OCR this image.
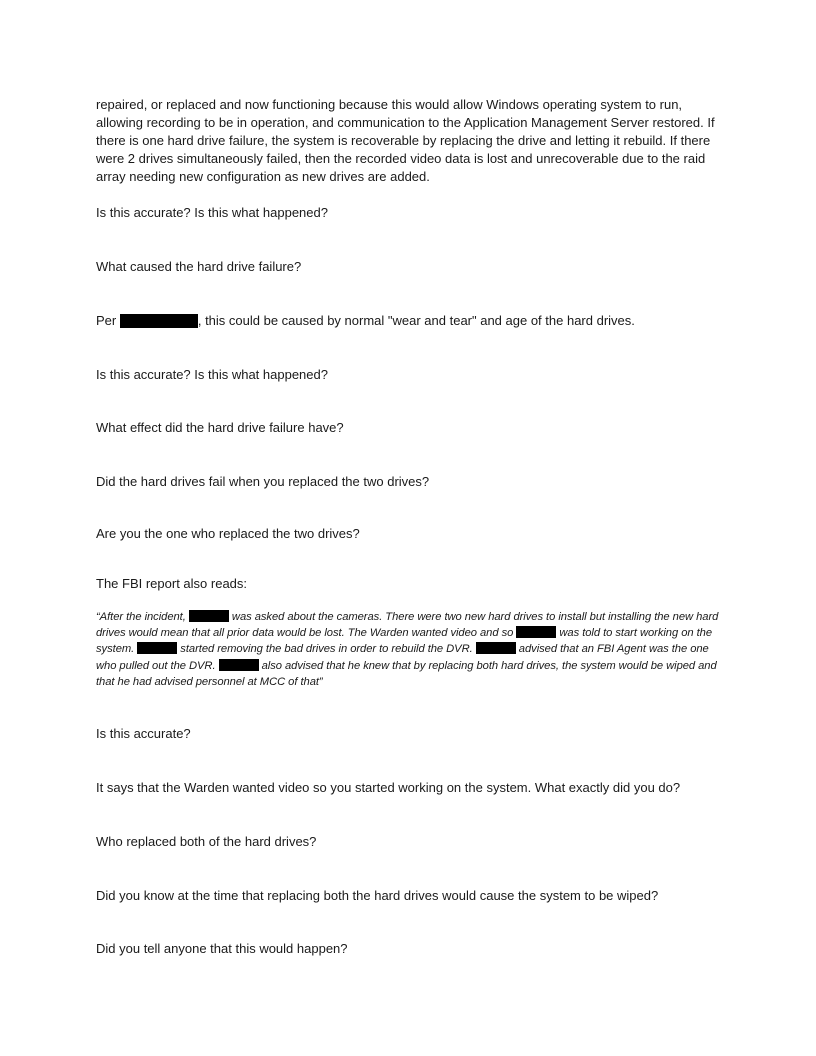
repaired, or replaced and now functioning because this would allow Windows operating system to run, allowing recording to be in operation, and communication to the Application Management Server restored. If there is one hard drive failure, the system is recoverable by replacing the drive and letting it rebuild. If there were 2 drives simultaneously failed, then the recorded video data is lost and unrecoverable due to the raid array needing new configuration as new drives are added.

Is this accurate? Is this what happened?

What caused the hard drive failure?

Per	, this could be caused by normal "wear and tear" and age of the hard drives.

Is this accurate? Is this what happened?

What effect did the hard drive failure have?

Did the hard drives fail when you replaced the two drives?

Are you the one who replaced the two drives?

The FBI report also reads:

“After the incident,	was asked about the cameras. There were two new hard drives to install but installing the new hard drives would mean that all prior data would be lost. The Warden wanted video and so	was told to start working on the system.	started removing the bad drives in order to rebuild the DVR.	advised that an FBI Agent was the one who pulled out the DVR.	also advised that he knew that by replacing both hard drives, the system would be wiped and that he had advised personnel at MCC of that”

Is this accurate?

It says that the Warden wanted video so you started working on the system. What exactly did you do?

Who replaced both of the hard drives?

Did you know at the time that replacing both the hard drives would cause the system to be wiped?

Did you tell anyone that this would happen?
